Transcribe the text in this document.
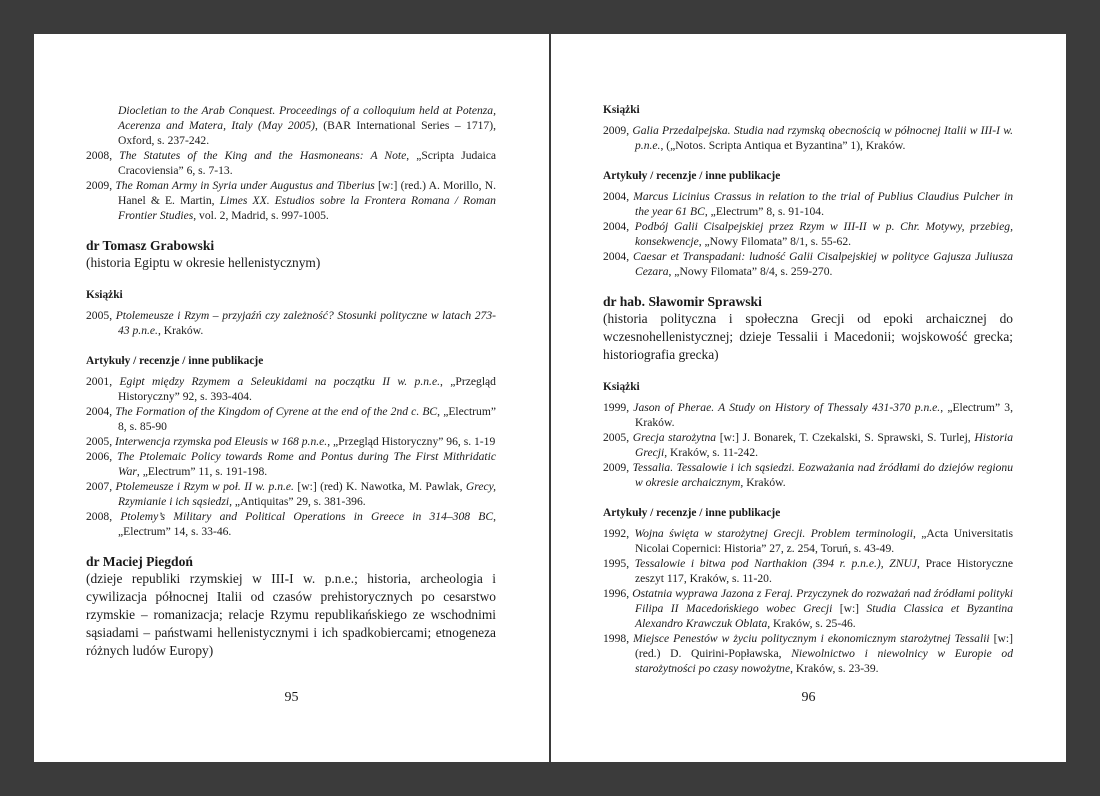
Diocletian to the Arab Conquest. Proceedings of a colloquium held at Potenza, Acerenza and Matera, Italy (May 2005), (BAR International Series – 1717), Oxford, s. 237-242.
2008, The Statutes of the King and the Hasmoneans: A Note, „Scripta Judaica Cracoviensia” 6, s. 7-13.
2009, The Roman Army in Syria under Augustus and Tiberius [w:] (red.) A. Morillo, N. Hanel & E. Martin, Limes XX. Estudios sobre la Frontera Romana / Roman Frontier Studies, vol. 2, Madrid, s. 997-1005.
dr Tomasz Grabowski
(historia Egiptu w okresie hellenistycznym)
Książki
2005, Ptolemeusze i Rzym – przyjaźń czy zależność? Stosunki polityczne w latach 273-43 p.n.e., Kraków.
Artykuły / recenzje / inne publikacje
2001, Egipt między Rzymem a Seleukidami na początku II w. p.n.e., „Przegląd Historyczny” 92, s. 393-404.
2004, The Formation of the Kingdom of Cyrene at the end of the 2nd c. BC, „Electrum” 8, s. 85-90
2005, Interwencja rzymska pod Eleusis w 168 p.n.e., „Przegląd Historyczny” 96, s. 1-19
2006, The Ptolemaic Policy towards Rome and Pontus during The First Mithridatic War, „Electrum” 11, s. 191-198.
2007, Ptolemeusze i Rzym w poł. II w. p.n.e. [w:] (red) K. Nawotka, M. Pawlak, Grecy, Rzymianie i ich sąsiedzi, „Antiquitas” 29, s. 381-396.
2008, Ptolemy’s Military and Political Operations in Greece in 314–308 BC, „Electrum” 14, s. 33-46.
dr Maciej Piegdoń
(dzieje republiki rzymskiej w III-I w. p.n.e.; historia, archeologia i cywilizacja północnej Italii od czasów prehistorycznych po cesarstwo rzymskie – romanizacja; relacje Rzymu republikańskiego ze wschodnimi sąsiadami – państwami hellenistycznymi i ich spadkobiercami; etnogeneza różnych ludów Europy)
95
Książki
2009, Galia Przedalpejska. Studia nad rzymską obecnością w północnej Italii w III-I w. p.n.e., („Notos. Scripta Antiqua et Byzantina” 1), Kraków.
Artykuły / recenzje / inne publikacje
2004, Marcus Licinius Crassus in relation to the trial of Publius Claudius Pulcher in the year 61 BC, „Electrum” 8, s. 91-104.
2004, Podbój Galii Cisalpejskiej przez Rzym w III-II w p. Chr. Motywy, przebieg, konsekwencje, „Nowy Filomata” 8/1, s. 55-62.
2004, Caesar et Transpadani: ludność Galii Cisalpejskiej w polityce Gajusza Juliusza Cezara, „Nowy Filomata” 8/4, s. 259-270.
dr hab. Sławomir Sprawski
(historia polityczna i społeczna Grecji od epoki archaicznej do wczesnohellenistycznej; dzieje Tessalii i Macedonii; wojskowość grecka; historiografia grecka)
Książki
1999, Jason of Pherae. A Study on History of Thessaly 431-370 p.n.e., „Electrum” 3, Kraków.
2005, Grecja starożytna [w:] J. Bonarek, T. Czekalski, S. Sprawski, S. Turlej, Historia Grecji, Kraków, s. 11-242.
2009, Tessalia. Tessalowie i ich sąsiedzi. Eozważania nad źródłami do dziejów regionu w okresie archaicznym, Kraków.
Artykuły / recenzje / inne publikacje
1992, Wojna święta w starożytnej Grecji. Problem terminologii, „Acta Universitatis Nicolai Copernici: Historia” 27, z. 254, Toruń, s. 43-49.
1995, Tessalowie i bitwa pod Narthakion (394 r. p.n.e.), ZNUJ, Prace Historyczne zeszyt 117, Kraków, s. 11-20.
1996, Ostatnia wyprawa Jazona z Feraj. Przyczynek do rozważań nad źródłami polityki Filipa II Macedońskiego wobec Grecji [w:] Studia Classica et Byzantina Alexandro Krawczuk Oblata, Kraków, s. 25-46.
1998, Miejsce Penestów w życiu politycznym i ekonomicznym starożytnej Tessalii [w:] (red.) D. Quirini-Popławska, Niewolnictwo i niewolnicy w Europie od starożytności po czasy nowożytne, Kraków, s. 23-39.
96
